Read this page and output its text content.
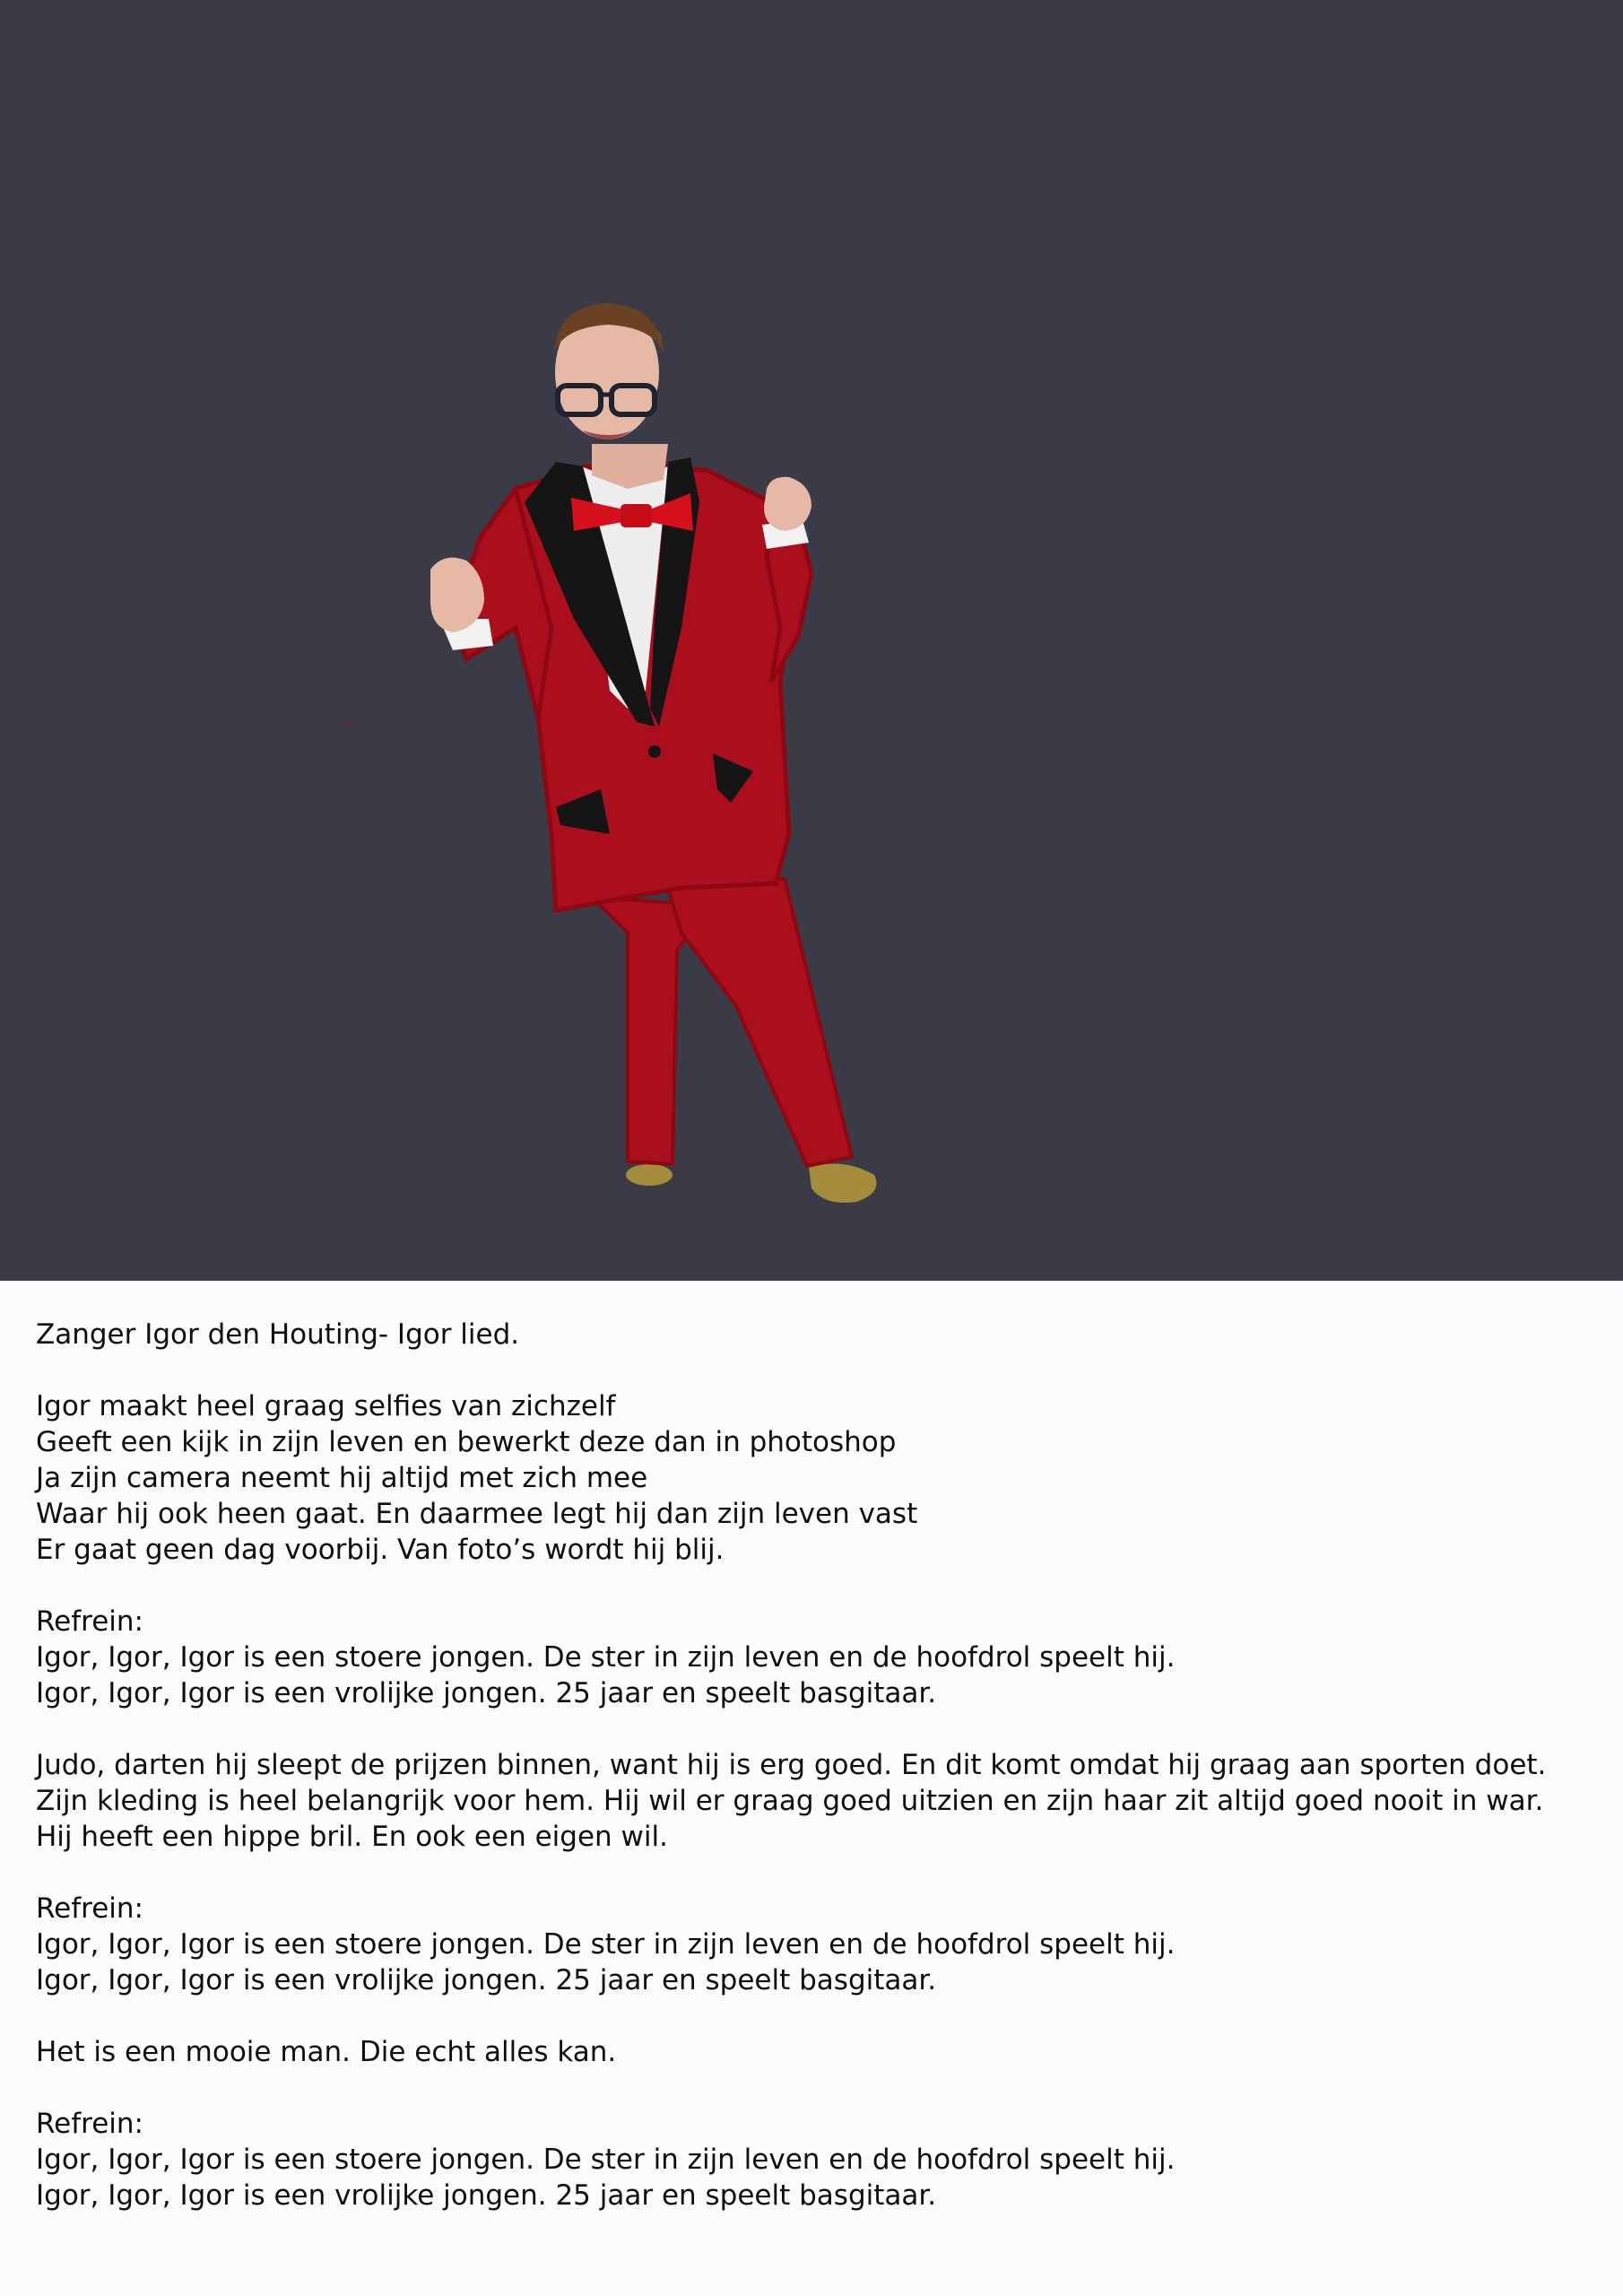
Zanger Igor den Houting- Igor lied.
Igor maakt heel graag selfies van zichzelf
Geeft een kijk in zijn leven en bewerkt deze dan in photoshop
Ja zijn camera neemt hij altijd met zich mee
Waar hij ook heen gaat. En daarmee legt hij dan zijn leven vast
Er gaat geen dag voorbij. Van foto’s wordt hij blij.
Refrein:
Igor, Igor, Igor is een stoere jongen. De ster in zijn leven en de hoofdrol speelt hij.
Igor, Igor, Igor is een vrolijke jongen. 25 jaar en speelt basgitaar.
Judo, darten hij sleept de prijzen binnen, want hij is erg goed. En dit komt omdat hij graag aan sporten doet.
Zijn kleding is heel belangrijk voor hem. Hij wil er graag goed uitzien en zijn haar zit altijd goed nooit in war.
Hij heeft een hippe bril. En ook een eigen wil.
Refrein:
Igor, Igor, Igor is een stoere jongen. De ster in zijn leven en de hoofdrol speelt hij.
Igor, Igor, Igor is een vrolijke jongen. 25 jaar en speelt basgitaar.
Het is een mooie man. Die echt alles kan.
Refrein:
Igor, Igor, Igor is een stoere jongen. De ster in zijn leven en de hoofdrol speelt hij.
Igor, Igor, Igor is een vrolijke jongen. 25 jaar en speelt basgitaar.
